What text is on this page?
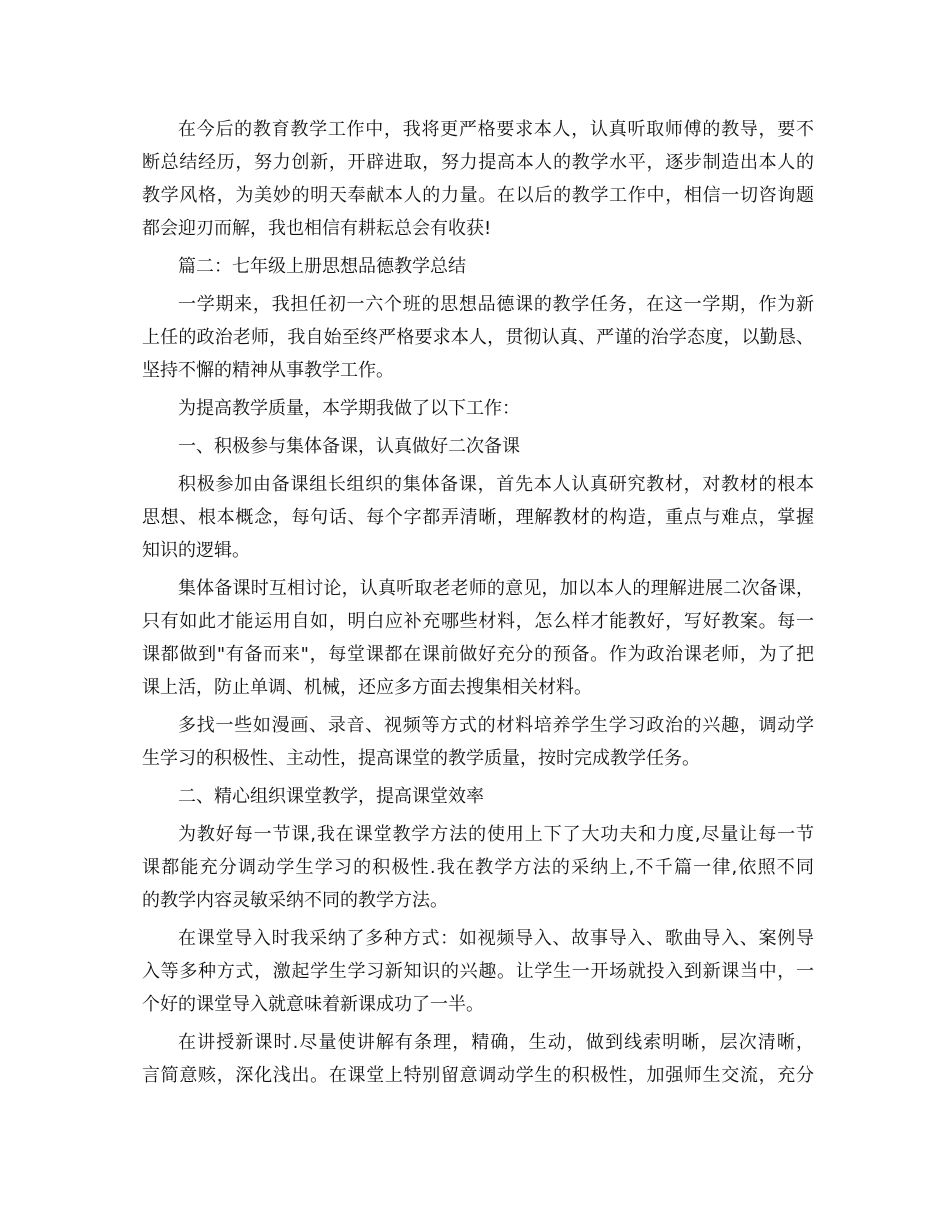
在今后的教育教学工作中，我将更严格要求本人，认真听取师傅的教导，要不
断总结经历，努力创新，开辟进取，努力提高本人的教学水平，逐步制造出本人的
教学风格，为美妙的明天奉献本人的力量。在以后的教学工作中，相信一切咨询题
都会迎刃而解，我也相信有耕耘总会有收获!
篇二：七年级上册思想品德教学总结
一学期来，我担任初一六个班的思想品德课的教学任务，在这一学期，作为新
上任的政治老师，我自始至终严格要求本人，贯彻认真、严谨的治学态度，以勤恳、
坚持不懈的精神从事教学工作。
为提高教学质量，本学期我做了以下工作：
一、积极参与集体备课，认真做好二次备课
积极参加由备课组长组织的集体备课，首先本人认真研究教材，对教材的根本
思想、根本概念，每句话、每个字都弄清晰，理解教材的构造，重点与难点，掌握
知识的逻辑。
集体备课时互相讨论，认真听取老老师的意见，加以本人的理解进展二次备课，
只有如此才能运用自如，明白应补充哪些材料，怎么样才能教好，写好教案。每一
课都做到"有备而来"，每堂课都在课前做好充分的预备。作为政治课老师，为了把
课上活，防止单调、机械，还应多方面去搜集相关材料。
多找一些如漫画、录音、视频等方式的材料培养学生学习政治的兴趣，调动学
生学习的积极性、主动性，提高课堂的教学质量，按时完成教学任务。
二、精心组织课堂教学，提高课堂效率
为教好每一节课,我在课堂教学方法的使用上下了大功夫和力度,尽量让每一节
课都能充分调动学生学习的积极性.我在教学方法的采纳上,不千篇一律,依照不同
的教学内容灵敏采纳不同的教学方法。
在课堂导入时我采纳了多种方式：如视频导入、故事导入、歌曲导入、案例导
入等多种方式，激起学生学习新知识的兴趣。让学生一开场就投入到新课当中，一
个好的课堂导入就意味着新课成功了一半。
在讲授新课时.尽量使讲解有条理，精确，生动，做到线索明晰，层次清晰，
言简意赅，深化浅出。在课堂上特别留意调动学生的积极性，加强师生交流，充分
